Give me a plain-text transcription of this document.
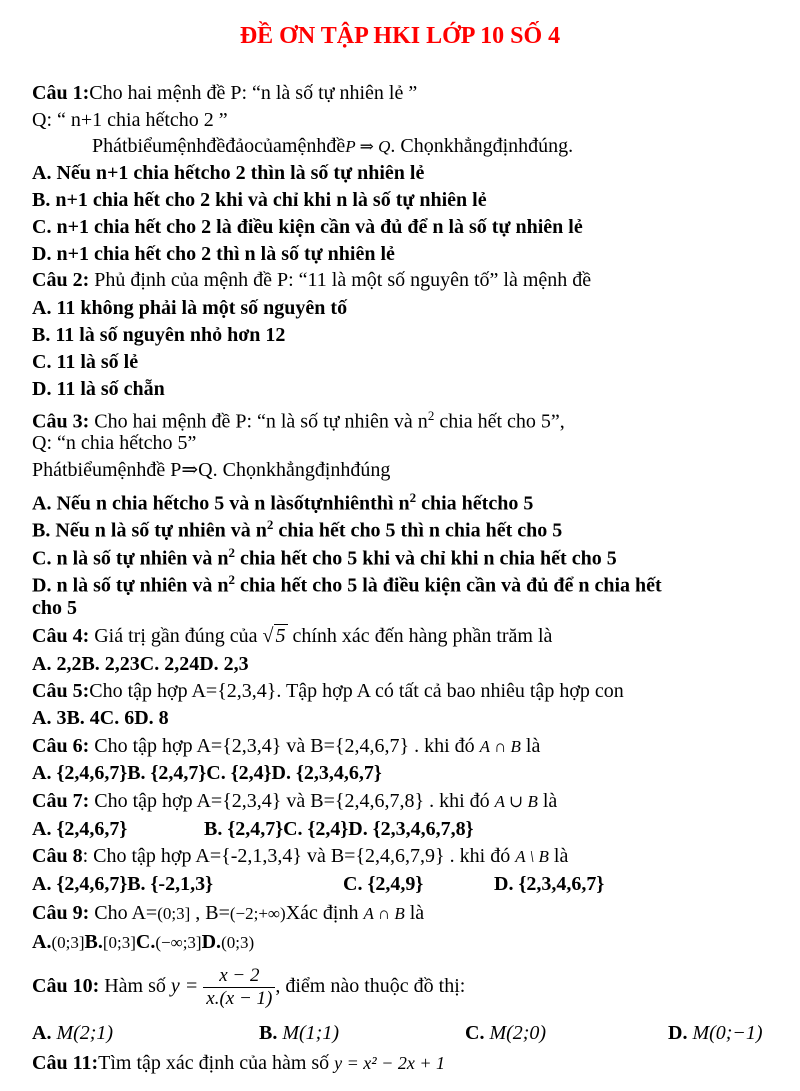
ĐỀ ƠN TẬP HKI LỚP 10 SỐ 4
Câu 1:Cho hai mệnh đề P: “n là số tự nhiên lẻ ”
Q: “ n+1 chia hếtcho 2 ”
PhátbiểumệnhđềđảocủamệnhđềP ⇒ Q. Chọnkhẳngđịnhđúng.
A. Nếu n+1 chia hếtcho 2 thìn là số tự nhiên lẻ
B. n+1 chia hết cho 2 khi và chỉ khi n là số tự nhiên lẻ
C. n+1 chia hết cho 2 là điều kiện cần và đủ để n là số tự nhiên lẻ
D. n+1 chia hết cho 2 thì n là số tự nhiên lẻ
Câu 2: Phủ định của mệnh đề P: “11 là một số nguyên tố” là mệnh đề
A. 11 không phải là một số nguyên tố
B. 11 là số nguyên nhỏ hơn 12
C. 11 là số lẻ
D. 11 là số chẵn
Câu 3: Cho hai mệnh đề P: “n là số tự nhiên và $n^2$ chia hết cho 5”,
Q: “n chia hếtcho 5”
Phátbiểumệnhđề P⇒Q. Chọnkhẳngđịnhđúng
A. Nếu n chia hếtcho 5 và n làsốtựnhiênthì $n^2$ chia hếtcho 5
B. Nếu n là số tự nhiên và $n^2$ chia hết cho 5 thì n chia hết cho 5
C. n là số tự nhiên và $n^2$ chia hết cho 5 khi và chỉ khi n chia hết cho 5
D. n là số tự nhiên và $n^2$ chia hết cho 5 là điều kiện cần và đủ để n chia hết
cho 5
Câu 4: Giá trị gần đúng của √ 5 chính xác đến hàng phần trăm là
A. 2,2B. 2,23C. 2,24D. 2,3
Câu 5:Cho tập hợp A={2,3,4}. Tập hợp A có tất cả bao nhiêu tập hợp con
A. 3B. 4C. 6D. 8
Câu 6: Cho tập hợp A={2,3,4} và B={2,4,6,7} . khi đó A ∩ B là
A. {2,4,6,7}B. {2,4,7}C. {2,4}D. {2,3,4,6,7}
Câu 7: Cho tập hợp A={2,3,4} và B={2,4,6,7,8} . khi đó A ∪ B là
A. {2,4,6,7}	B. {2,4,7}C. {2,4}D. {2,3,4,6,7,8}
Câu 8: Cho tập hợp A={-2,1,3,4} và B={2,4,6,7,9} . khi đó A \ B là
A. {2,4,6,7}B. {-2,1,3}	C. {2,4,9}	D. {2,3,4,6,7}
Câu 9: Cho A=(0;3] , B=(−2;+∞)Xác định A ∩ B là
A.(0;3]B.[0;3]C.(−∞;3]D.(0;3)
Câu 10: Hàm số $y = \frac{x - 2}{x.(x - 1)}$ , điểm nào thuộc đồ thị:
A. M(2;1)	B. M(1;1)	C. M(2;0)	D. M(0;−1)
Câu 11:Tìm tập xác định của hàm số y = x² − 2x + 1
